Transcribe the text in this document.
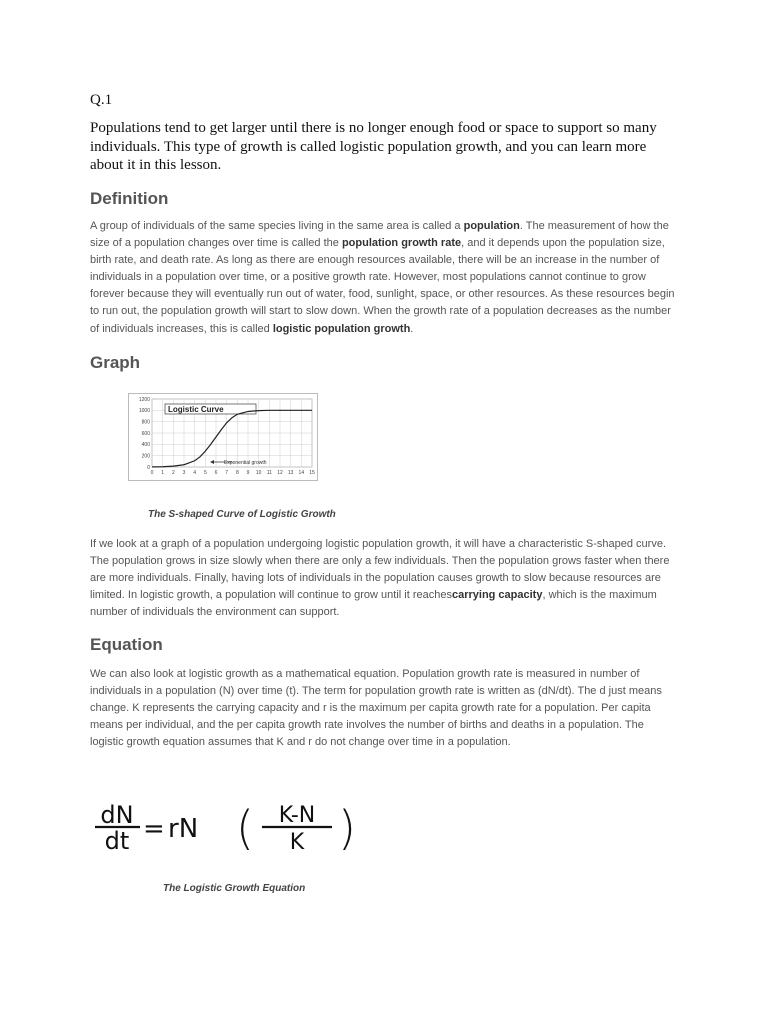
Q.1

Populations tend to get larger until there is no longer enough food or space to support so many individuals. This type of growth is called logistic population growth, and you can learn more about it in this lesson.

Definition

A group of individuals of the same species living in the same area is called a population. The measurement of how the size of a population changes over time is called the population growth rate, and it depends upon the population size, birth rate, and death rate. As long as there are enough resources available, there will be an increase in the number of individuals in a population over time, or a positive growth rate. However, most populations cannot continue to grow forever because they will eventually run out of water, food, sunlight, space, or other resources. As these resources begin to run out, the population growth will start to slow down. When the growth rate of a population decreases as the number of individuals increases, this is called logistic population growth.

Graph
0
200
400
600
800
1000
1200
0 1 2 3 4 5 6 7 8 9 10 11 12 13 14 15
Logistic Curve
Exponential growth

The S-shaped Curve of Logistic Growth

If we look at a graph of a population undergoing logistic population growth, it will have a characteristic S-shaped curve. The population grows in size slowly when there are only a few individuals. Then the population grows faster when there are more individuals. Finally, having lots of individuals in the population causes growth to slow because resources are limited. In logistic growth, a population will continue to grow until it reachescarrying capacity, which is the maximum number of individuals the environment can support.

Equation

We can also look at logistic growth as a mathematical equation. Population growth rate is measured in number of individuals in a population (N) over time (t). The term for population growth rate is written as (dN/dt). The d just means change. K represents the carrying capacity and r is the maximum per capita growth rate for a population. Per capita means per individual, and the per capita growth rate involves the number of births and deaths in a population. The logistic growth equation assumes that K and r do not change over time in a population.

dN
dt = rN ( K-N
K )

The Logistic Growth Equation
